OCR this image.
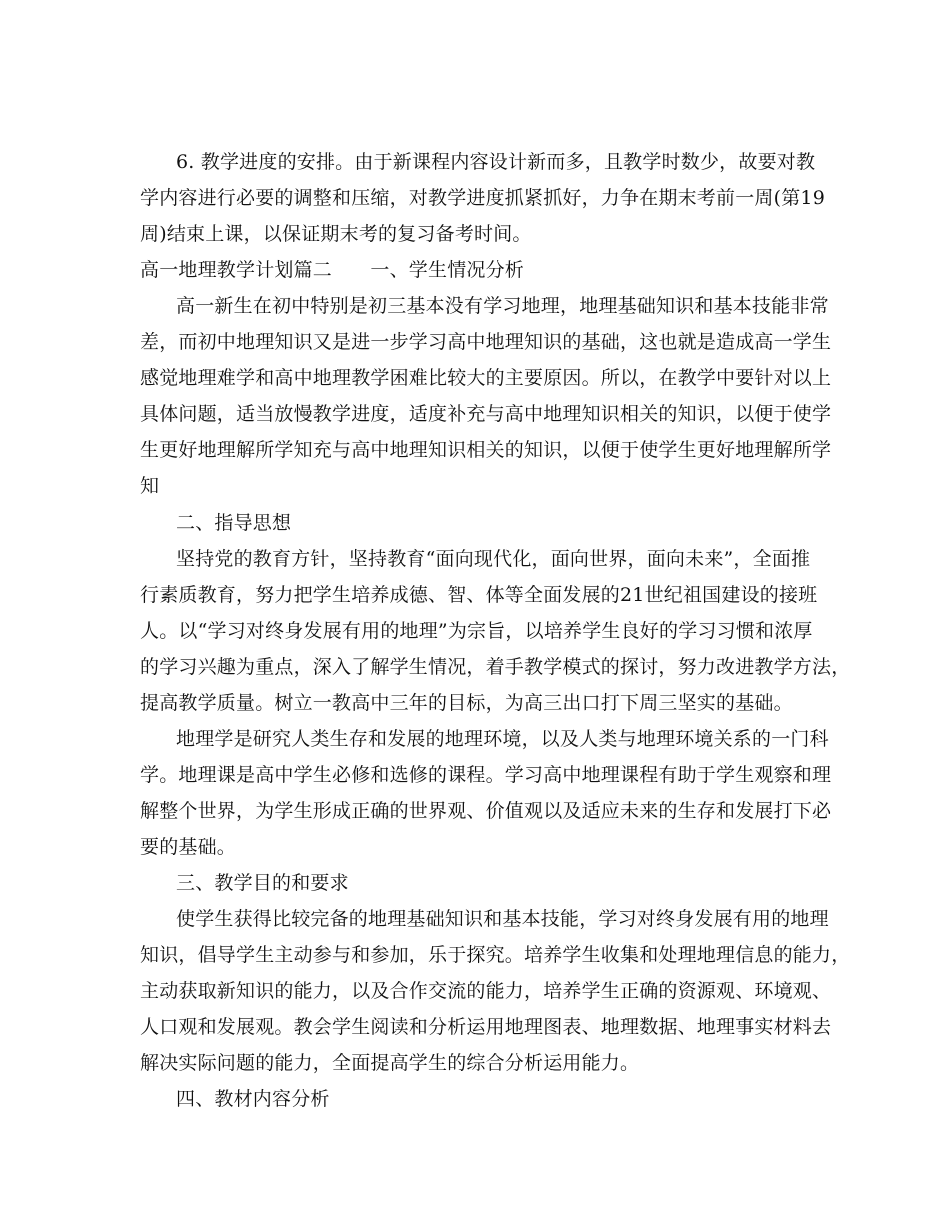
6. 教学进度的安排。由于新课程内容设计新而多，且教学时数少，故要对教
学内容进行必要的调整和压缩，对教学进度抓紧抓好，力争在期末考前一周(第19
周)结束上课，以保证期末考的复习备考时间。
高一地理教学计划篇二　　一、学生情况分析
高一新生在初中特别是初三基本没有学习地理，地理基础知识和基本技能非常
差，而初中地理知识又是进一步学习高中地理知识的基础，这也就是造成高一学生
感觉地理难学和高中地理教学困难比较大的主要原因。所以，在教学中要针对以上
具体问题，适当放慢教学进度，适度补充与高中地理知识相关的知识，以便于使学
生更好地理解所学知充与高中地理知识相关的知识，以便于使学生更好地理解所学
知
二、指导思想
坚持党的教育方针，坚持教育“面向现代化，面向世界，面向未来”，全面推
行素质教育，努力把学生培养成德、智、体等全面发展的21世纪祖国建设的接班
人。以“学习对终身发展有用的地理”为宗旨，以培养学生良好的学习习惯和浓厚
的学习兴趣为重点，深入了解学生情况，着手教学模式的探讨，努力改进教学方法，
提高教学质量。树立一教高中三年的目标，为高三出口打下周三坚实的基础。
地理学是研究人类生存和发展的地理环境，以及人类与地理环境关系的一门科
学。地理课是高中学生必修和选修的课程。学习高中地理课程有助于学生观察和理
解整个世界，为学生形成正确的世界观、价值观以及适应未来的生存和发展打下必
要的基础。
三、教学目的和要求
使学生获得比较完备的地理基础知识和基本技能，学习对终身发展有用的地理
知识，倡导学生主动参与和参加，乐于探究。培养学生收集和处理地理信息的能力，
主动获取新知识的能力，以及合作交流的能力，培养学生正确的资源观、环境观、
人口观和发展观。教会学生阅读和分析运用地理图表、地理数据、地理事实材料去
解决实际问题的能力，全面提高学生的综合分析运用能力。
四、教材内容分析
